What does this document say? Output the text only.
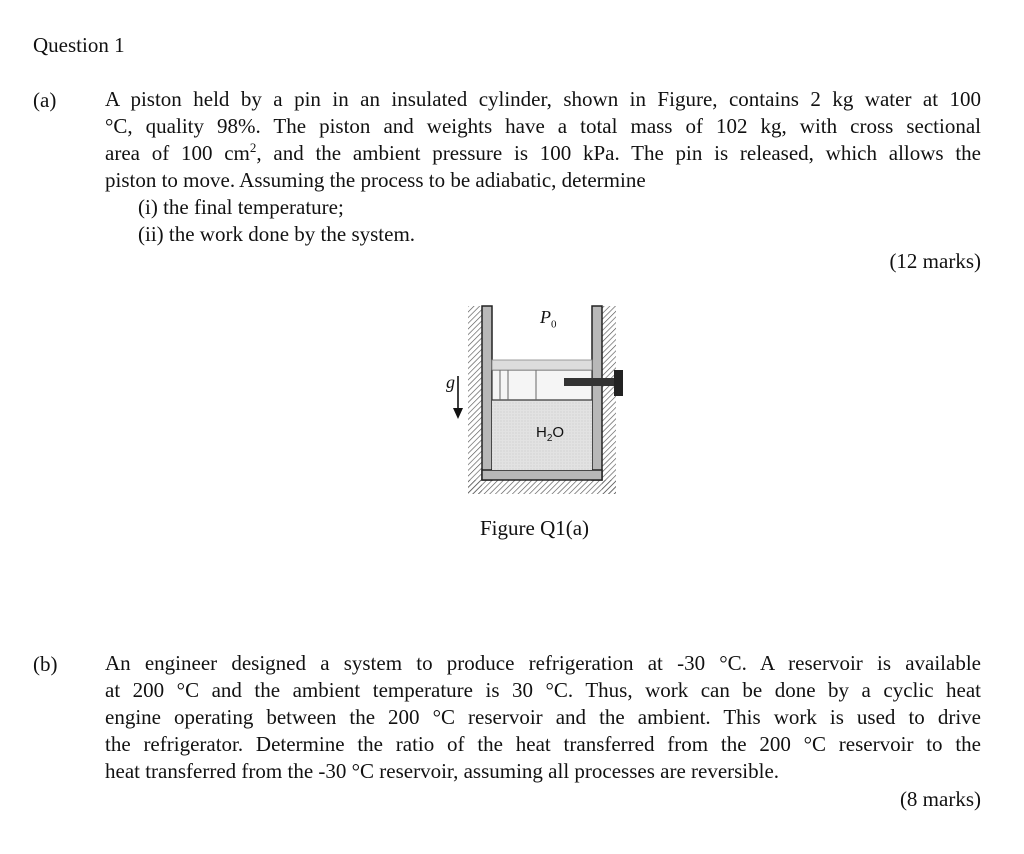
Question 1
(a) A piston held by a pin in an insulated cylinder, shown in Figure, contains 2 kg water at 100
°C, quality 98%. The piston and weights have a total mass of 102 kg, with cross sectional
area of 100 $cm^2$, and the ambient pressure is 100 kPa. The pin is released, which allows the
piston to move. Assuming the process to be adiabatic, determine
(i) the final temperature;
(ii) the work done by the system.
(12 marks)
$P_0$
g
$H_2O$
Figure Q1(a)
(b) An engineer designed a system to produce refrigeration at -30 °C. A reservoir is available
at 200 °C and the ambient temperature is 30 °C. Thus, work can be done by a cyclic heat
engine operating between the 200 °C reservoir and the ambient. This work is used to drive
the refrigerator. Determine the ratio of the heat transferred from the 200 °C reservoir to the
heat transferred from the -30 °C reservoir, assuming all processes are reversible.
(8 marks)
